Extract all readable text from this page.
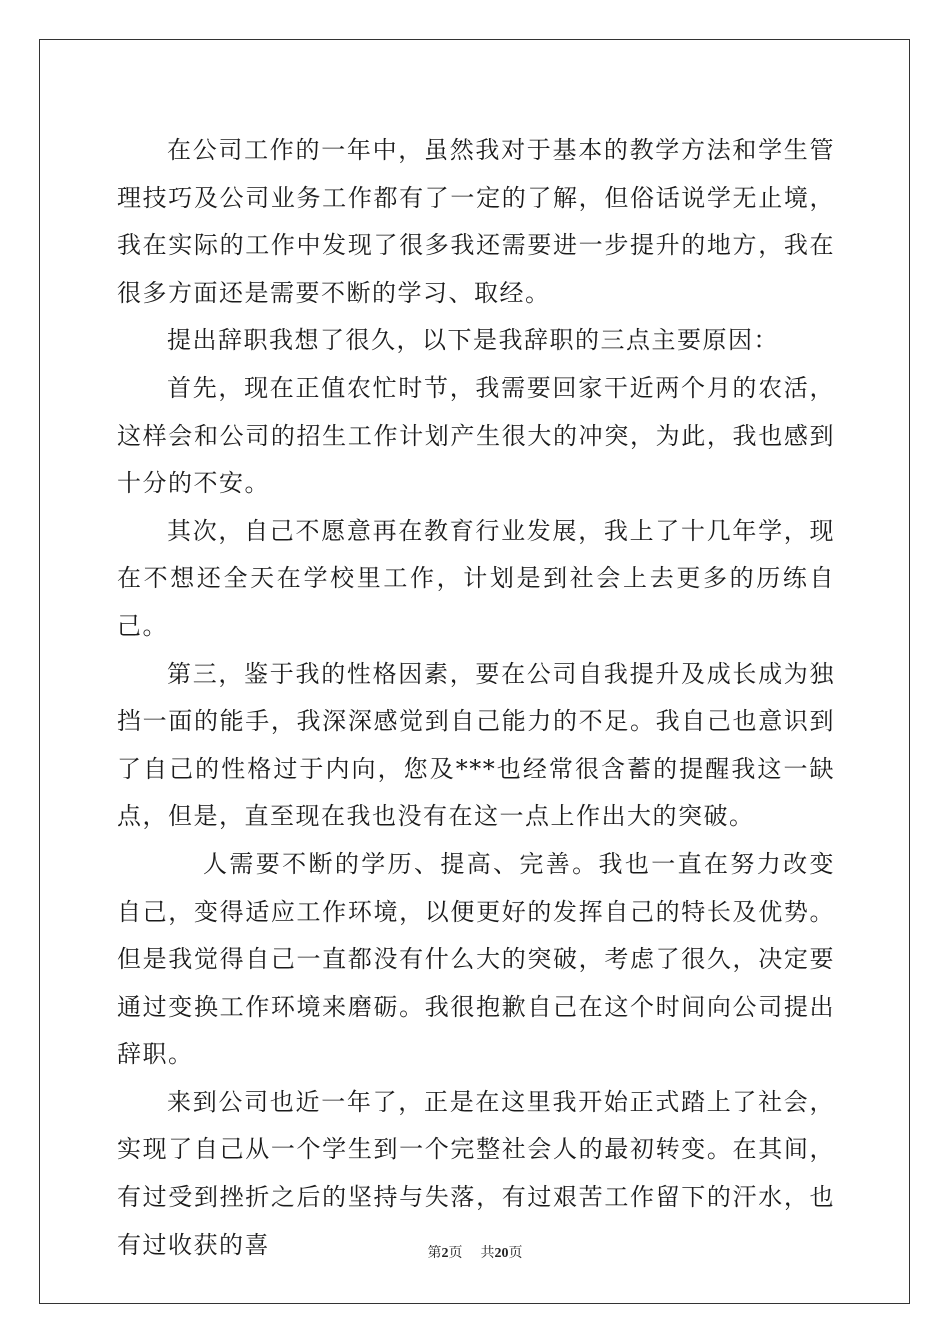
在公司工作的一年中，虽然我对于基本的教学方法和学生管理技巧及公司业务工作都有了一定的了解，但俗话说学无止境，我在实际的工作中发现了很多我还需要进一步提升的地方，我在很多方面还是需要不断的学习、取经。

提出辞职我想了很久，以下是我辞职的三点主要原因：

首先，现在正值农忙时节，我需要回家干近两个月的农活，这样会和公司的招生工作计划产生很大的冲突，为此，我也感到十分的不安。

其次，自己不愿意再在教育行业发展，我上了十几年学，现在不想还全天在学校里工作，计划是到社会上去更多的历练自己。

第三，鉴于我的性格因素，要在公司自我提升及成长成为独挡一面的能手，我深深感觉到自己能力的不足。我自己也意识到了自己的性格过于内向，您及***也经常很含蓄的提醒我这一缺点，但是，直至现在我也没有在这一点上作出大的突破。

人需要不断的学历、提高、完善。我也一直在努力改变自己，变得适应工作环境，以便更好的发挥自己的特长及优势。但是我觉得自己一直都没有什么大的突破，考虑了很久，决定要通过变换工作环境来磨砺。我很抱歉自己在这个时间向公司提出辞职。

来到公司也近一年了，正是在这里我开始正式踏上了社会，实现了自己从一个学生到一个完整社会人的最初转变。在其间，有过受到挫折之后的坚持与失落，有过艰苦工作留下的汗水，也有过收获的喜	第2页 共20页
